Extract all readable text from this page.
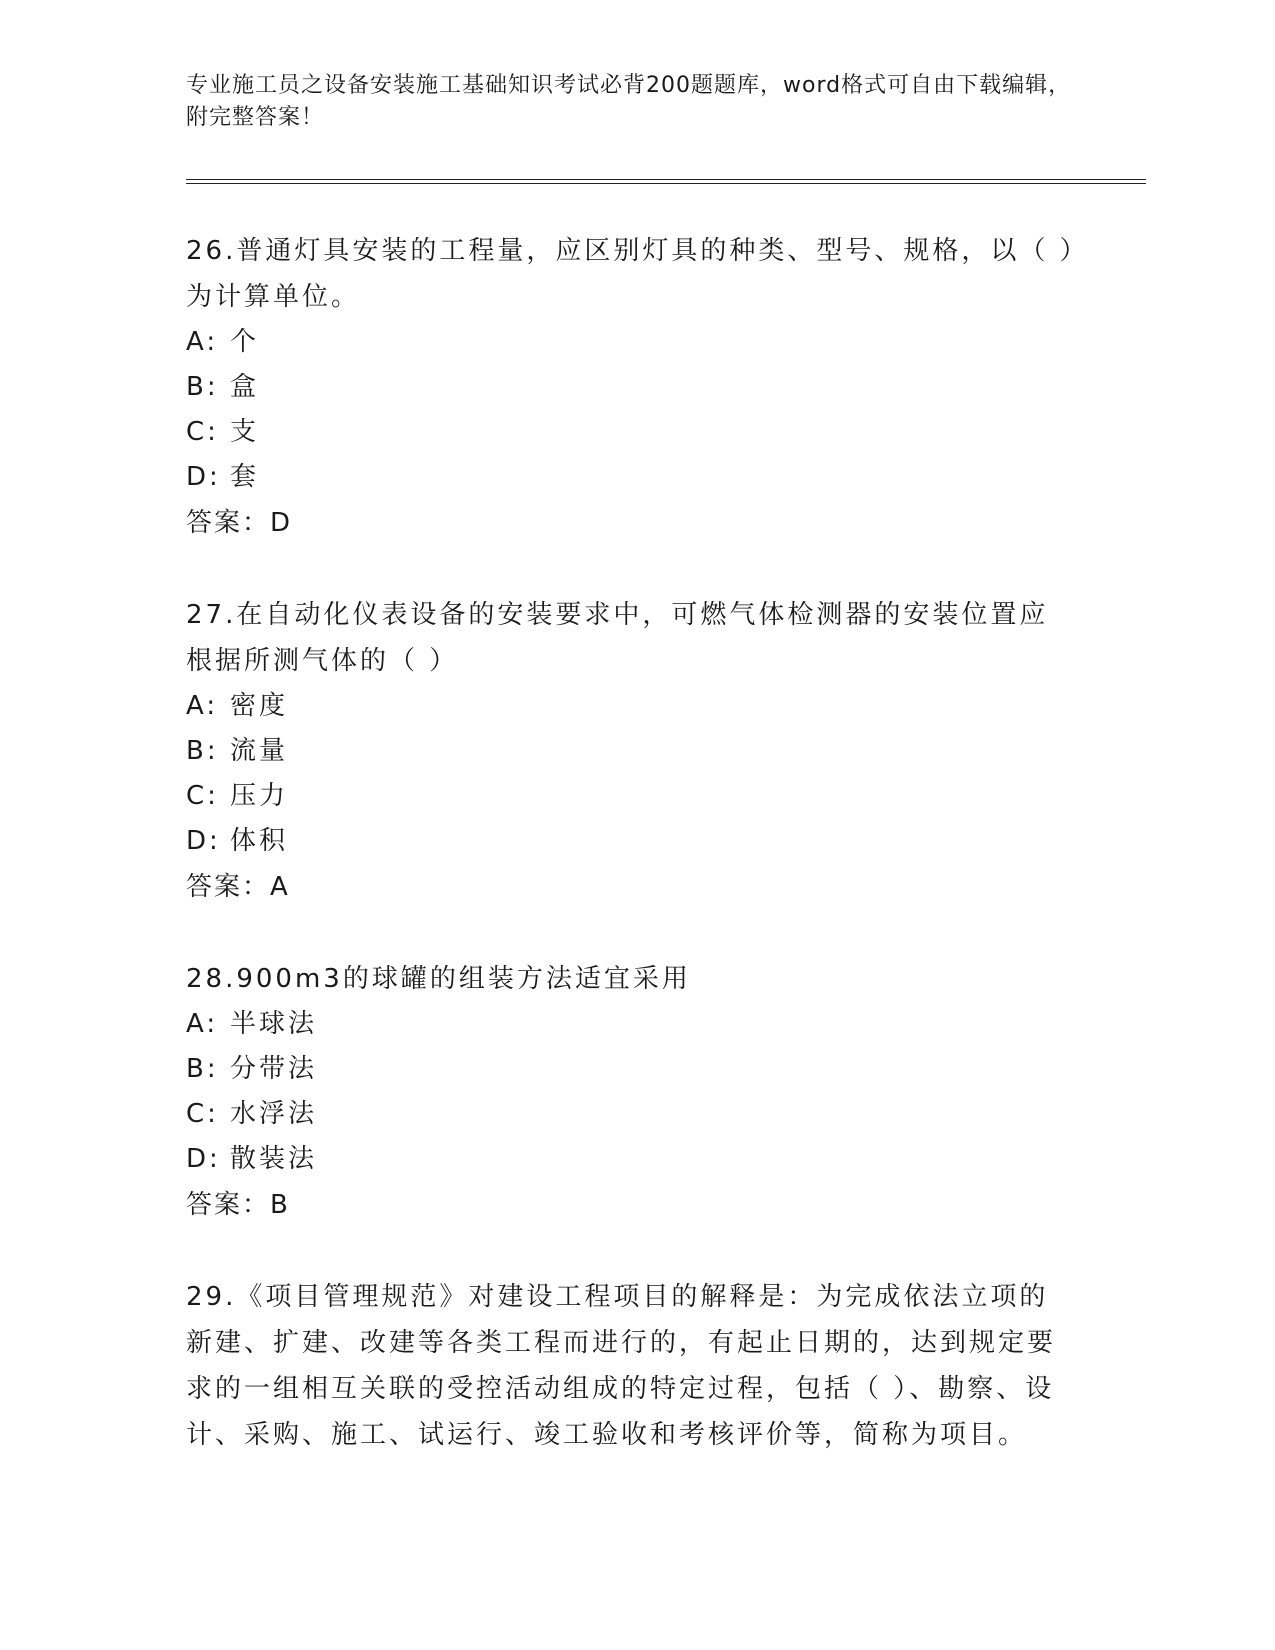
专业施工员之设备安装施工基础知识考试必背200题题库，word格式可自由下载编辑，附完整答案！

26.普通灯具安装的工程量，应区别灯具的种类、型号、规格，以（ ）为计算单位。

A: 个

B: 盒

C: 支

D: 套

答案：D

27.在自动化仪表设备的安装要求中，可燃气体检测器的安装位置应根据所测气体的（ ）

A: 密度

B: 流量

C: 压力

D: 体积

答案：A

28.900m3的球罐的组装方法适宜采用

A: 半球法

B: 分带法

C: 水浮法

D: 散装法

答案：B

29.《项目管理规范》对建设工程项目的解释是：为完成依法立项的新建、扩建、改建等各类工程而进行的，有起止日期的，达到规定要求的一组相互关联的受控活动组成的特定过程，包括（ ）、勘察、设计、采购、施工、试运行、竣工验收和考核评价等，简称为项目。
